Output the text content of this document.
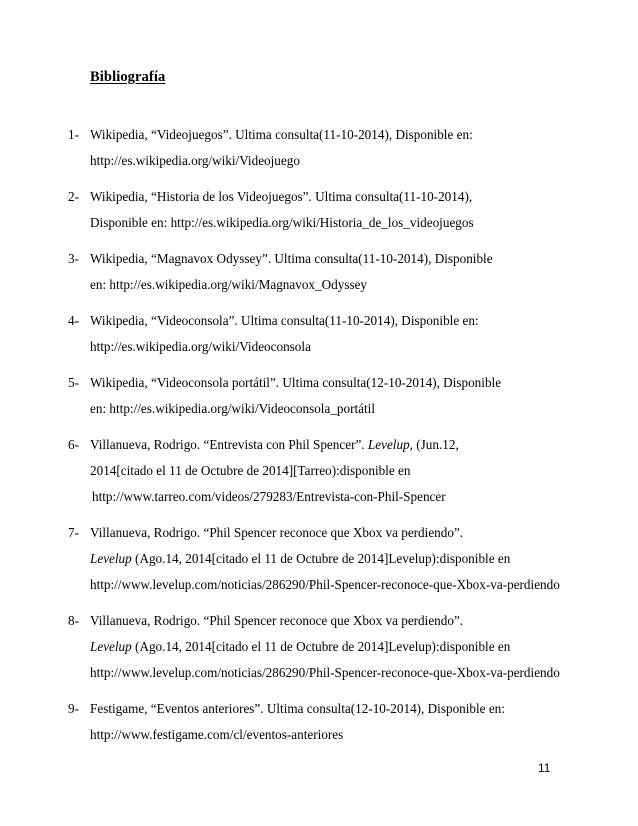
Bibliografía
1- Wikipedia, “Videojuegos”. Ultima consulta(11-10-2014), Disponible en:
http://es.wikipedia.org/wiki/Videojuego
2- Wikipedia, “Historia de los Videojuegos”. Ultima consulta(11-10-2014),
Disponible en: http://es.wikipedia.org/wiki/Historia_de_los_videojuegos
3- Wikipedia, “Magnavox Odyssey”. Ultima consulta(11-10-2014), Disponible
en: http://es.wikipedia.org/wiki/Magnavox_Odyssey
4- Wikipedia, “Videoconsola”. Ultima consulta(11-10-2014), Disponible en:
http://es.wikipedia.org/wiki/Videoconsola
5- Wikipedia, “Videoconsola portátil”. Ultima consulta(12-10-2014), Disponible
en: http://es.wikipedia.org/wiki/Videoconsola_portátil
6- Villanueva, Rodrigo. “Entrevista con Phil Spencer”. Levelup, (Jun.12,
2014[citado el 11 de Octubre de 2014][Tarreo):disponible en
http://www.tarreo.com/videos/279283/Entrevista-con-Phil-Spencer
7- Villanueva, Rodrigo. “Phil Spencer reconoce que Xbox va perdiendo”.
Levelup (Ago.14, 2014[citado el 11 de Octubre de 2014]Levelup):disponible en
http://www.levelup.com/noticias/286290/Phil-Spencer-reconoce-que-Xbox-va-perdiendo
8- Villanueva, Rodrigo. “Phil Spencer reconoce que Xbox va perdiendo”.
Levelup (Ago.14, 2014[citado el 11 de Octubre de 2014]Levelup):disponible en
http://www.levelup.com/noticias/286290/Phil-Spencer-reconoce-que-Xbox-va-perdiendo
9- Festigame, “Eventos anteriores”. Ultima consulta(12-10-2014), Disponible en:
http://www.festigame.com/cl/eventos-anteriores
11
